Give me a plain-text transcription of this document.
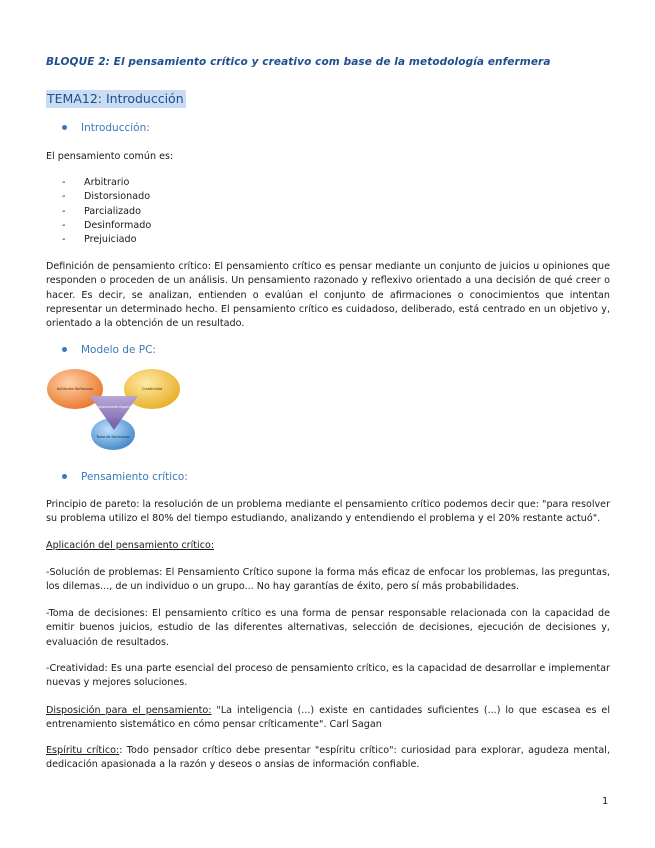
BLOQUE 2: El pensamiento crítico y creativo com base de la metodología enfermera
TEMA12: Introducción
Introducción:
El pensamiento común es:
- Arbitrario
- Distorsionado
- Parcializado
- Desinformado
- Prejuiciado
Definición de pensamiento crítico: El pensamiento crítico es pensar mediante un conjunto de juicios u opiniones que responden o proceden de un análisis. Un pensamiento razonado y reflexivo orientado a una decisión de qué creer o hacer. Es decir, se analizan, entienden o evalúan el conjunto de afirmaciones o conocimientos que intentan representar un determinado hecho. El pensamiento crítico es cuidadoso, deliberado, está centrado en un objetivo y, orientado a la obtención de un resultado.
Modelo de PC:
Actitudes Reflexivas	Creatividad
Conocimiento Experto
Toma de Decisiones
Pensamiento crítico:
Principio de pareto: la resolución de un problema mediante el pensamiento crítico podemos decir que: "para resolver su problema utilizo el 80% del tiempo estudiando, analizando y entendiendo el problema y el 20% restante actuó".
Aplicación del pensamiento crítico:
-Solución de problemas: El Pensamiento Crítico supone la forma más eficaz de enfocar los problemas, las preguntas, los dilemas..., de un individuo o un grupo... No hay garantías de éxito, pero sí más probabilidades.
-Toma de decisiones: El pensamiento crítico es una forma de pensar responsable relacionada con la capacidad de emitir buenos juicios, estudio de las diferentes alternativas, selección de decisiones, ejecución de decisiones y, evaluación de resultados.
-Creatividad: Es una parte esencial del proceso de pensamiento crítico, es la capacidad de desarrollar e implementar nuevas y mejores soluciones.
Disposición para el pensamiento: "La inteligencia (...) existe en cantidades suficientes (...) lo que escasea es el entrenamiento sistemático en cómo pensar críticamente". Carl Sagan
Espíritu crítico:: Todo pensador crítico debe presentar "espíritu crítico": curiosidad para explorar, agudeza mental, dedicación apasionada a la razón y deseos o ansias de información confiable.
1
